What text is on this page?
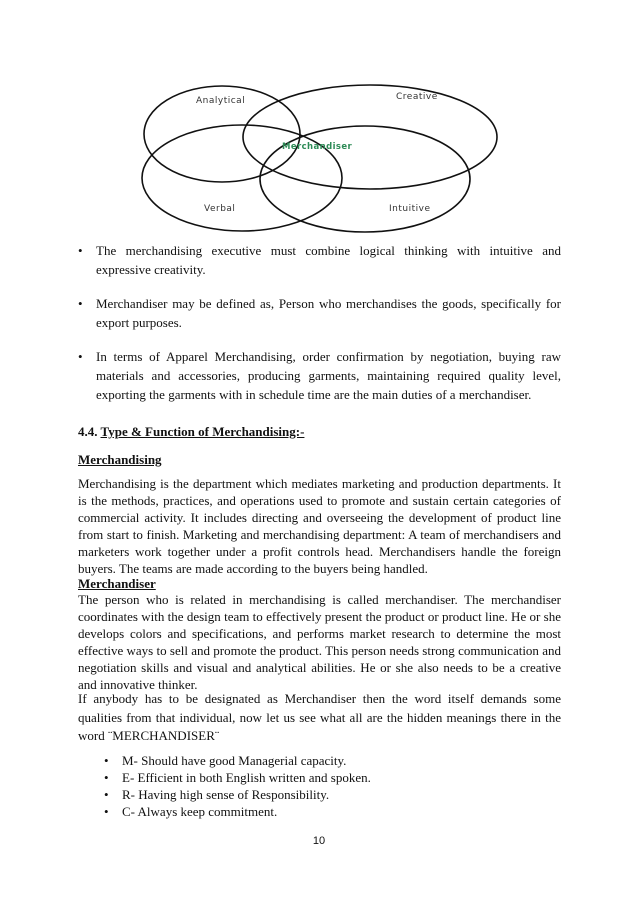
Analytical	Creative
Verbal	Intuitive
Merchandiser
• The merchandising executive must combine logical thinking with intuitive and expressive creativity.
• Merchandiser may be defined as, Person who merchandises the goods, specifically for export purposes.
• In terms of Apparel Merchandising, order confirmation by negotiation, buying raw materials and accessories, producing garments, maintaining required quality level, exporting the garments with in schedule time are the main duties of a merchandiser.
4.4. Type & Function of Merchandising:-
Merchandising
Merchandising is the department which mediates marketing and production departments. It is the methods, practices, and operations used to promote and sustain certain categories of commercial activity. It includes directing and overseeing the development of product line from start to finish. Marketing and merchandising department: A team of merchandisers and marketers work together under a profit controls head. Merchandisers handle the foreign buyers. The teams are made according to the buyers being handled.
Merchandiser
The person who is related in merchandising is called merchandiser. The merchandiser coordinates with the design team to effectively present the product or product line. He or she develops colors and specifications, and performs market research to determine the most effective ways to sell and promote the product. This person needs strong communication and negotiation skills and visual and analytical abilities. He or she also needs to be a creative and innovative thinker.
If anybody has to be designated as Merchandiser then the word itself demands some qualities from that individual, now let us see what all are the hidden meanings there in the word ¨MERCHANDISER¨
• M- Should have good Managerial capacity.
• E- Efficient in both English written and spoken.
• R- Having high sense of Responsibility.
• C- Always keep commitment.
10
